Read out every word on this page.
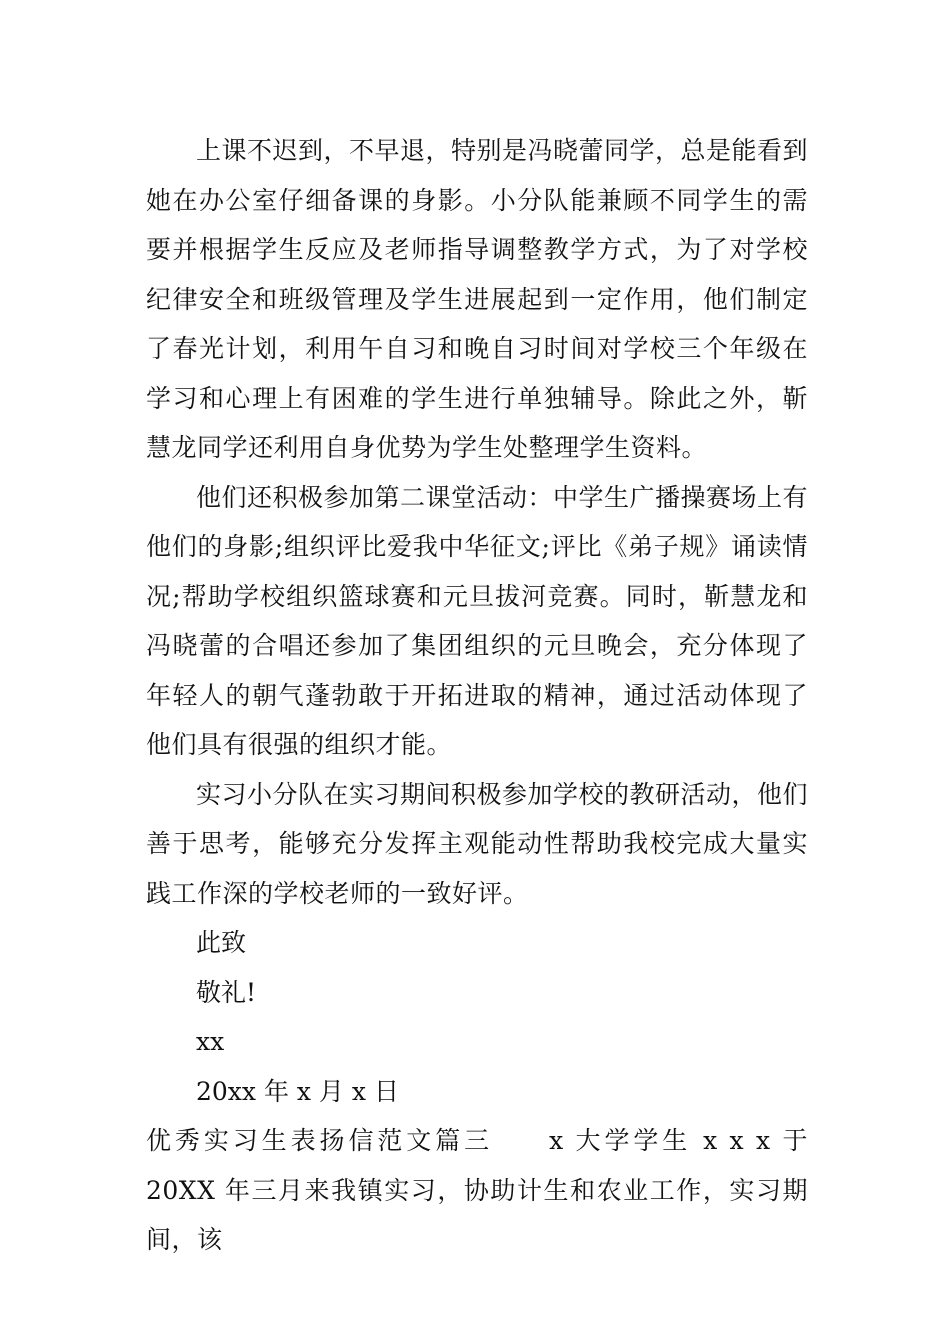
上课不迟到，不早退，特别是冯晓蕾同学，总是能看到她在办公室仔细备课的身影。小分队能兼顾不同学生的需要并根据学生反应及老师指导调整教学方式，为了对学校纪律安全和班级管理及学生进展起到一定作用，他们制定了春光计划，利用午自习和晚自习时间对学校三个年级在学习和心理上有困难的学生进行单独辅导。除此之外，靳慧龙同学还利用自身优势为学生处整理学生资料。

他们还积极参加第二课堂活动：中学生广播操赛场上有他们的身影;组织评比爱我中华征文;评比《弟子规》诵读情况;帮助学校组织篮球赛和元旦拔河竞赛。同时，靳慧龙和冯晓蕾的合唱还参加了集团组织的元旦晚会，充分体现了年轻人的朝气蓬勃敢于开拓进取的精神，通过活动体现了他们具有很强的组织才能。

实习小分队在实习期间积极参加学校的教研活动，他们善于思考，能够充分发挥主观能动性帮助我校完成大量实践工作深的学校老师的一致好评。

此致

敬礼!

xx

20xx 年 x 月 x 日

优秀实习生表扬信范文篇三 x 大学学生 x x x 于 20XX 年三月来我镇实习，协助计生和农业工作，实习期间，该
